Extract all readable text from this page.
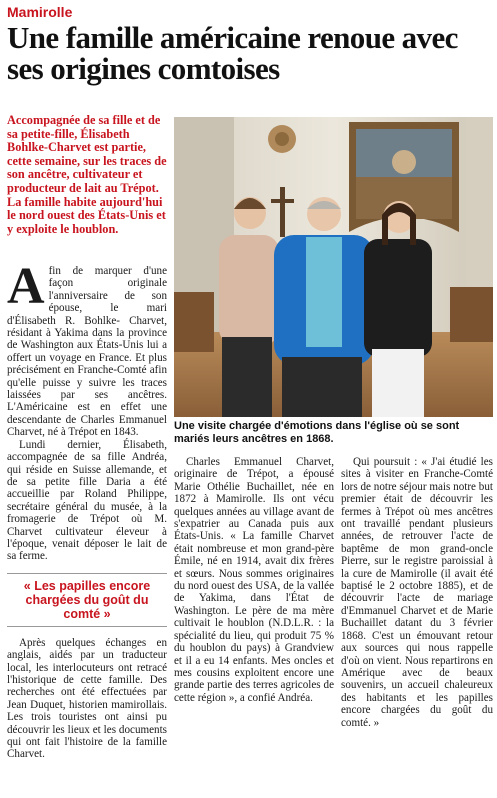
Mamirolle
Une famille américaine renoue avec ses origines comtoises

Accompagnée de sa fille et de sa petite-fille, Élisabeth Bohlke-Charvet est partie, cette semaine, sur les traces de son ancêtre, cultivateur et producteur de lait au Trépot. La famille habite aujourd'hui le nord ouest des États-Unis et y exploite le houblon.

Une visite chargée d'émotions dans l'église où se sont mariés leurs ancêtres en 1868.

Afin de marquer d'une façon originale l'anniversaire de son épouse, le mari d'Élisabeth R. Bohlke- Charvet, résidant à Yakima dans la province de Washington aux États-Unis lui a offert un voyage en France. Et plus précisément en Franche-Comté afin qu'elle puisse y suivre les traces laissées par ses ancêtres. L'Américaine est en effet une descendante de Charles Emmanuel Charvet, né à Trépot en 1843.

Lundi dernier, Élisabeth, accompagnée de sa fille Andréa, qui réside en Suisse allemande, et de sa petite fille Daria a été accueillie par Roland Philippe, secrétaire général du musée, à la fromagerie de Trépot où M. Charvet cultivateur éleveur à l'époque, venait déposer le lait de sa ferme.

« Les papilles encore chargées du goût du comté »

Après quelques échanges en anglais, aidés par un traducteur local, les interlocuteurs ont retracé l'historique de cette famille. Des recherches ont été effectuées par Jean Duquet, historien mamirollais. Les trois touristes ont ainsi pu découvrir les lieux et les documents qui ont fait l'histoire de la famille Charvet.

Charles Emmanuel Charvet, originaire de Trépot, a épousé Marie Othélie Buchaillet, née en 1872 à Mamirolle. Ils ont vécu quelques années au village avant de s'expatrier au Canada puis aux États-Unis. « La famille Charvet était nombreuse et mon grand-père Émile, né en 1914, avait dix frères et sœurs. Nous sommes originaires du nord ouest des USA, de la vallée de Yakima, dans l'État de Washington. Le père de ma mère cultivait le houblon (N.D.L.R. : la spécialité du lieu, qui produit 75 % du houblon du pays) à Grandview et il a eu 14 enfants. Mes oncles et mes cousins exploitent encore une grande partie des terres agricoles de cette région », a confié Andréa.

Qui poursuit : « J'ai étudié les sites à visiter en Franche-Comté lors de notre séjour mais notre but premier était de découvrir les fermes à Trépot où mes ancêtres ont travaillé pendant plusieurs années, de retrouver l'acte de baptême de mon grand-oncle Pierre, sur le registre paroissial à la cure de Mamirolle (il avait été baptisé le 2 octobre 1885), et de découvrir l'acte de mariage d'Emmanuel Charvet et de Marie Buchaillet datant du 3 février 1868. C'est un émouvant retour aux sources qui nous rappelle d'où on vient. Nous repartirons en Amérique avec de beaux souvenirs, un accueil chaleureux des habitants et les papilles encore chargées du goût du comté. »
